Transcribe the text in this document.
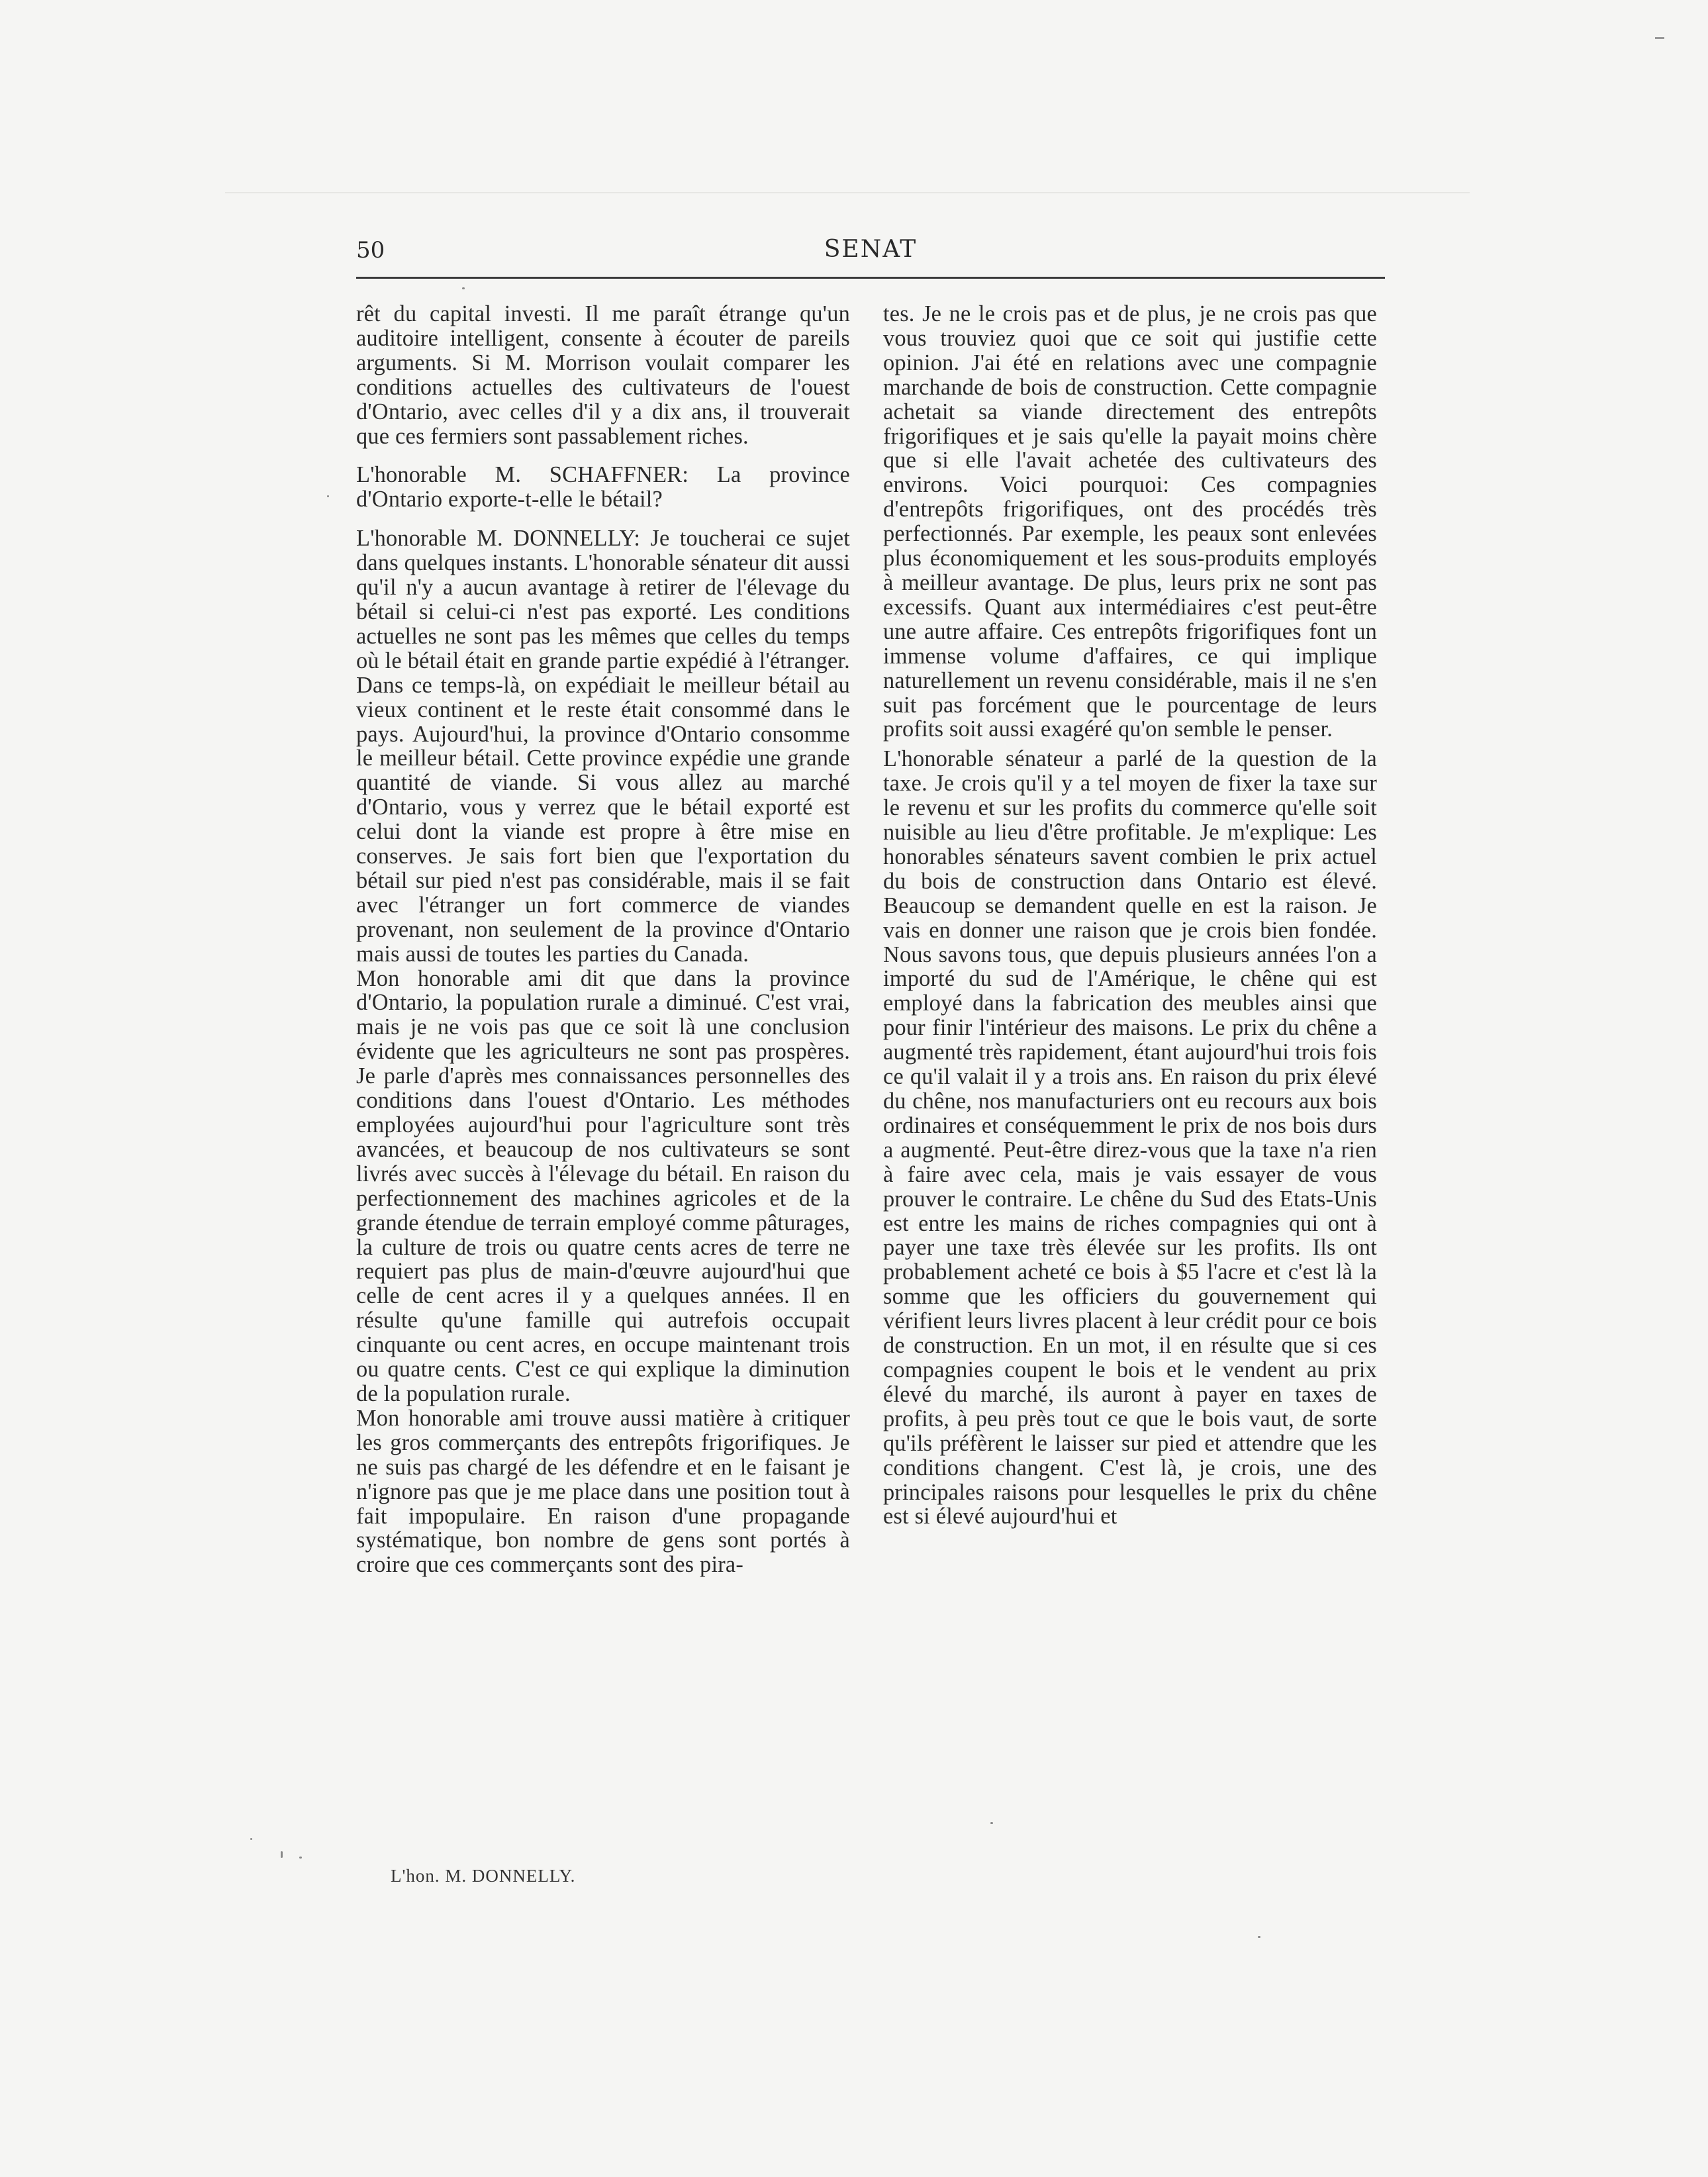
50	SENAT

rêt du capital investi. Il me paraît étrange qu'un auditoire intelligent, consente à écouter de pareils arguments. Si M. Morrison voulait comparer les conditions actuelles des cultivateurs de l'ouest d'Ontario, avec celles d'il y a dix ans, il trouverait que ces fermiers sont passablement riches.

L'honorable M. SCHAFFNER: La province d'Ontario exporte-t-elle le bétail?

L'honorable M. DONNELLY: Je toucherai ce sujet dans quelques instants. L'honorable sénateur dit aussi qu'il n'y a aucun avantage à retirer de l'élevage du bétail si celui-ci n'est pas exporté. Les conditions actuelles ne sont pas les mêmes que celles du temps où le bétail était en grande partie expédié à l'étranger. Dans ce temps-là, on expédiait le meilleur bétail au vieux continent et le reste était consommé dans le pays. Aujourd'hui, la province d'Ontario consomme le meilleur bétail. Cette province expédie une grande quantité de viande. Si vous allez au marché d'Ontario, vous y verrez que le bétail exporté est celui dont la viande est propre à être mise en conserves. Je sais fort bien que l'exportation du bétail sur pied n'est pas considérable, mais il se fait avec l'étranger un fort commerce de viandes provenant, non seulement de la province d'Ontario mais aussi de toutes les parties du Canada.

Mon honorable ami dit que dans la province d'Ontario, la population rurale a diminué. C'est vrai, mais je ne vois pas que ce soit là une conclusion évidente que les agriculteurs ne sont pas prospères. Je parle d'après mes connaissances personnelles des conditions dans l'ouest d'Ontario. Les méthodes employées aujourd'hui pour l'agriculture sont très avancées, et beaucoup de nos cultivateurs se sont livrés avec succès à l'élevage du bétail. En raison du perfectionnement des machines agricoles et de la grande étendue de terrain employé comme pâturages, la culture de trois ou quatre cents acres de terre ne requiert pas plus de main-d'œuvre aujourd'hui que celle de cent acres il y a quelques années. Il en résulte qu'une famille qui autrefois occupait cinquante ou cent acres, en occupe maintenant trois ou quatre cents. C'est ce qui explique la diminution de la population rurale.

Mon honorable ami trouve aussi matière à critiquer les gros commerçants des entrepôts frigorifiques. Je ne suis pas chargé de les défendre et en le faisant je n'ignore pas que je me place dans une position tout à fait impopulaire. En raison d'une propagande systématique, bon nombre de gens sont portés à croire que ces commerçants sont des pira-

tes. Je ne le crois pas et de plus, je ne crois pas que vous trouviez quoi que ce soit qui justifie cette opinion. J'ai été en relations avec une compagnie marchande de bois de construction. Cette compagnie achetait sa viande directement des entrepôts frigorifiques et je sais qu'elle la payait moins chère que si elle l'avait achetée des cultivateurs des environs. Voici pourquoi: Ces compagnies d'entrepôts frigorifiques, ont des procédés très perfectionnés. Par exemple, les peaux sont enlevées plus économiquement et les sous-produits employés à meilleur avantage. De plus, leurs prix ne sont pas excessifs. Quant aux intermédiaires c'est peut-être une autre affaire. Ces entrepôts frigorifiques font un immense volume d'affaires, ce qui implique naturellement un revenu considérable, mais il ne s'en suit pas forcément que le pourcentage de leurs profits soit aussi exagéré qu'on semble le penser.

L'honorable sénateur a parlé de la question de la taxe. Je crois qu'il y a tel moyen de fixer la taxe sur le revenu et sur les profits du commerce qu'elle soit nuisible au lieu d'être profitable. Je m'explique: Les honorables sénateurs savent combien le prix actuel du bois de construction dans Ontario est élevé. Beaucoup se demandent quelle en est la raison. Je vais en donner une raison que je crois bien fondée. Nous savons tous, que depuis plusieurs années l'on a importé du sud de l'Amérique, le chêne qui est employé dans la fabrication des meubles ainsi que pour finir l'intérieur des maisons. Le prix du chêne a augmenté très rapidement, étant aujourd'hui trois fois ce qu'il valait il y a trois ans. En raison du prix élevé du chêne, nos manufacturiers ont eu recours aux bois ordinaires et conséquemment le prix de nos bois durs a augmenté. Peut-être direz-vous que la taxe n'a rien à faire avec cela, mais je vais essayer de vous prouver le contraire. Le chêne du Sud des Etats-Unis est entre les mains de riches compagnies qui ont à payer une taxe très élevée sur les profits. Ils ont probablement acheté ce bois à $5 l'acre et c'est là la somme que les officiers du gouvernement qui vérifient leurs livres placent à leur crédit pour ce bois de construction. En un mot, il en résulte que si ces compagnies coupent le bois et le vendent au prix élevé du marché, ils auront à payer en taxes de profits, à peu près tout ce que le bois vaut, de sorte qu'ils préfèrent le laisser sur pied et attendre que les conditions changent. C'est là, je crois, une des principales raisons pour lesquelles le prix du chêne est si élevé aujourd'hui et

L'hon. M. DONNELLY.
